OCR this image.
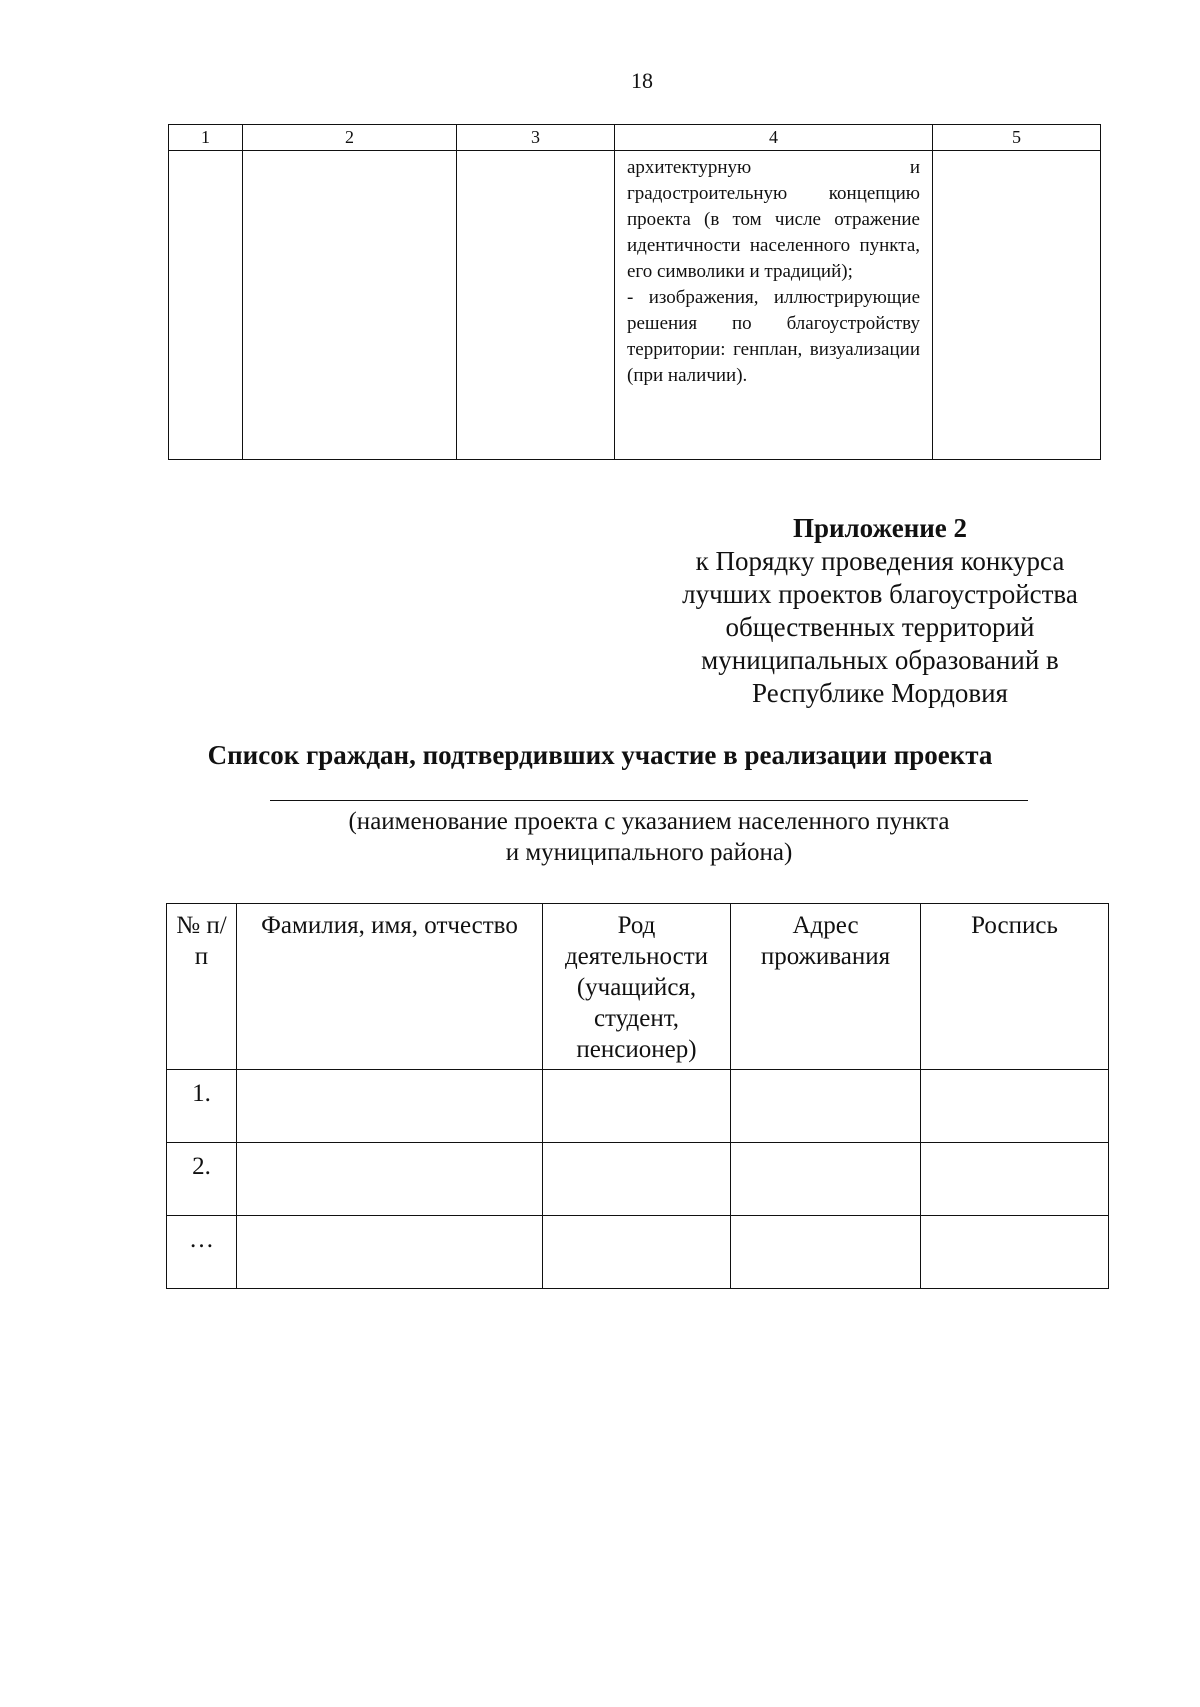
18
1	2	3	4	5

			архитектурную и градостроительную концепцию проекта (в том числе отражение идентичности населенного пункта, его символики и традиций);

- изображения, иллюстрирующие решения по благоустройству территории: генплан, визуализации (при наличии).	

Приложение 2
к Порядку проведения конкурса
лучших проектов благоустройства
общественных территорий
муниципальных образований в
Республике Мордовия
Список граждан, подтвердивших участие в реализации проекта
(наименование проекта с указанием населенного пункта
и муниципального района)
№ п/п	Фамилия, имя, отчество	Род деятельности (учащийся, студент, пенсионер)	Адрес проживания	Роспись
1.				
2.				
…				
